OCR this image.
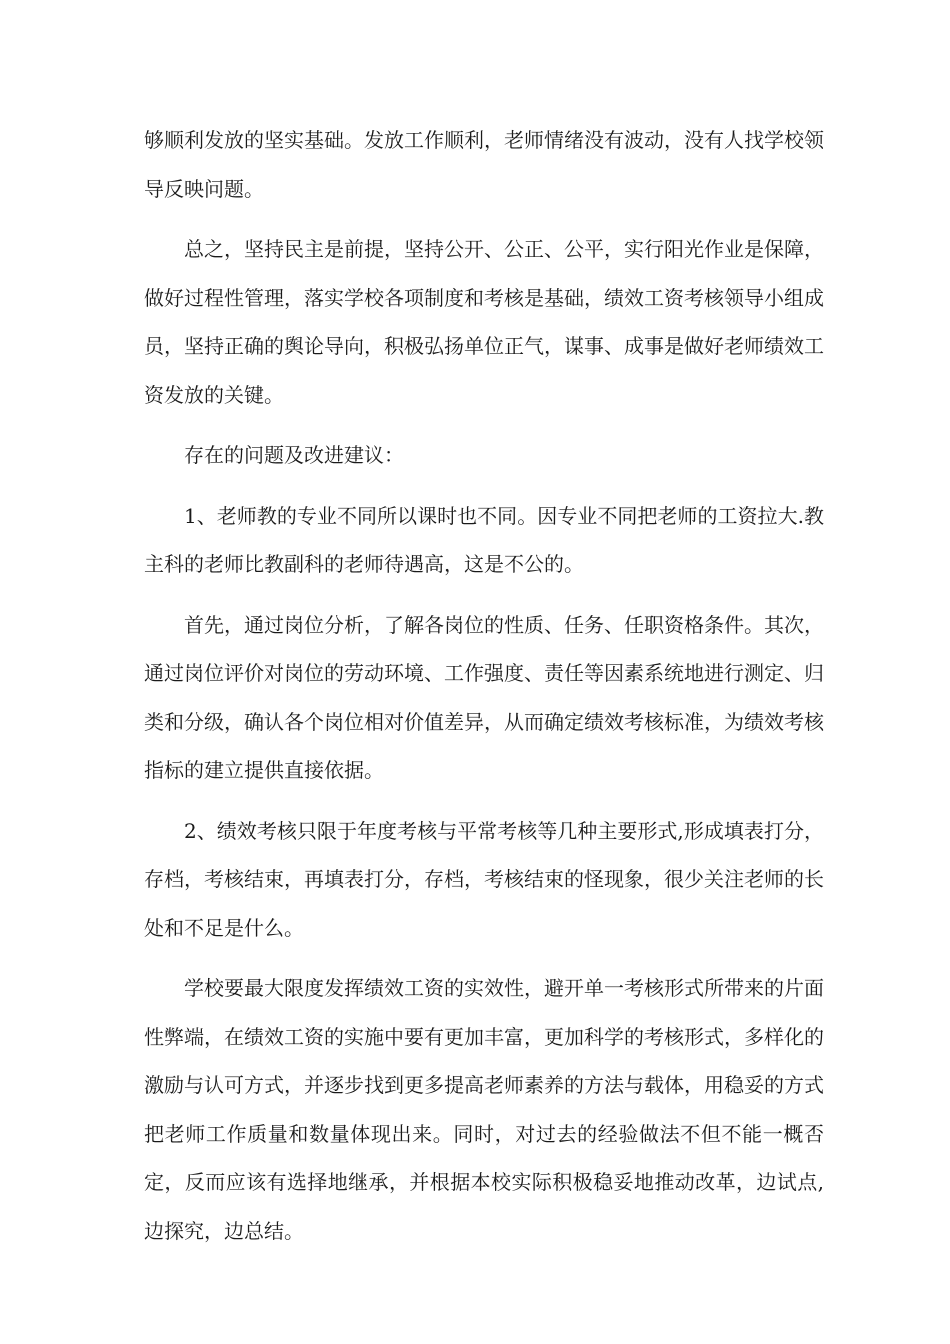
够顺利发放的坚实基础。发放工作顺利，老师情绪没有波动，没有人找学校领导反映问题。

总之，坚持民主是前提，坚持公开、公正、公平，实行阳光作业是保障，做好过程性管理，落实学校各项制度和考核是基础，绩效工资考核领导小组成员，坚持正确的舆论导向，积极弘扬单位正气，谋事、成事是做好老师绩效工资发放的关键。

存在的问题及改进建议：

1、老师教的专业不同所以课时也不同。因专业不同把老师的工资拉大.教主科的老师比教副科的老师待遇高，这是不公的。

首先，通过岗位分析，了解各岗位的性质、任务、任职资格条件。其次，通过岗位评价对岗位的劳动环境、工作强度、责任等因素系统地进行测定、归类和分级，确认各个岗位相对价值差异，从而确定绩效考核标准，为绩效考核指标的建立提供直接依据。

2、绩效考核只限于年度考核与平常考核等几种主要形式,形成填表打分，存档，考核结束，再填表打分，存档，考核结束的怪现象，很少关注老师的长处和不足是什么。

学校要最大限度发挥绩效工资的实效性，避开单一考核形式所带来的片面性弊端，在绩效工资的实施中要有更加丰富，更加科学的考核形式，多样化的激励与认可方式，并逐步找到更多提高老师素养的方法与载体，用稳妥的方式把老师工作质量和数量体现出来。同时，对过去的经验做法不但不能一概否定，反而应该有选择地继承，并根据本校实际积极稳妥地推动改革，边试点,边探究，边总结。
